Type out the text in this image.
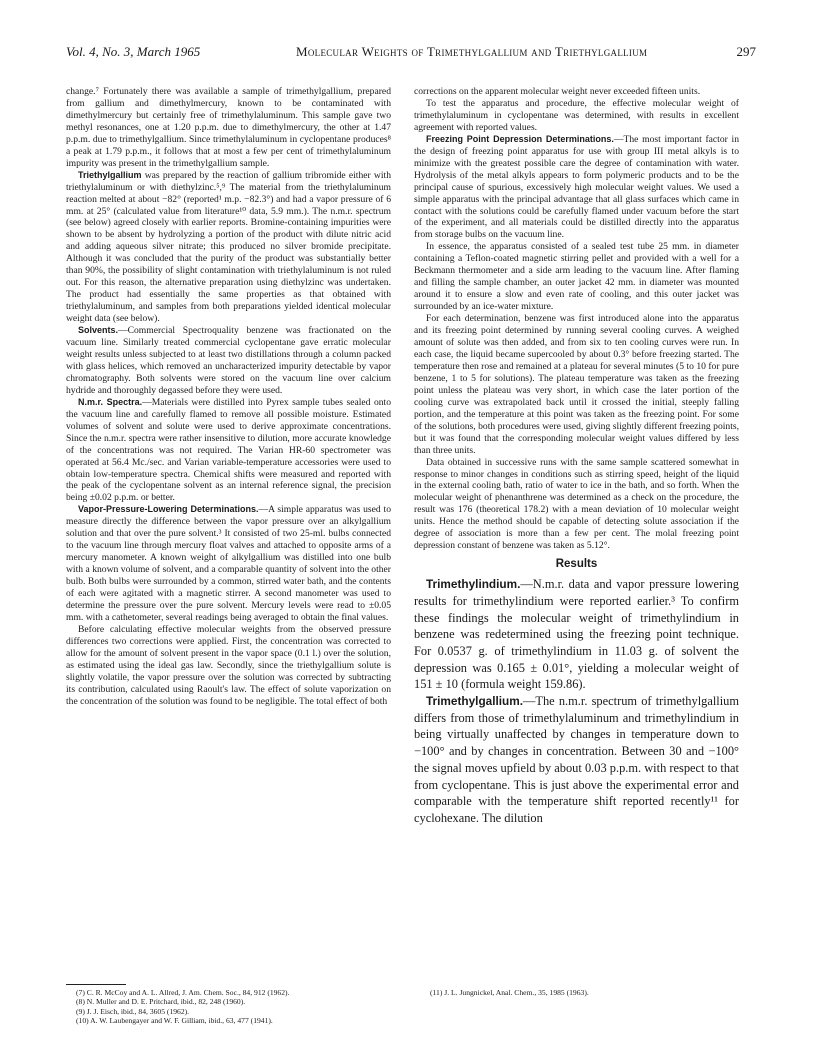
Vol. 4, No. 3, March 1965	Molecular Weights of Trimethylgallium and Triethylgallium	297

change.⁷ Fortunately there was available a sample of trimethylgallium, prepared from gallium and dimethylmercury, known to be contaminated with dimethylmercury but certainly free of trimethylaluminum. This sample gave two methyl resonances, one at 1.20 p.p.m. due to dimethylmercury, the other at 1.47 p.p.m. due to trimethylgallium. Since trimethylaluminum in cyclopentane produces⁸ a peak at 1.79 p.p.m., it follows that at most a few per cent of trimethylaluminum impurity was present in the trimethylgallium sample.

Triethylgallium was prepared by the reaction of gallium tribromide either with triethylaluminum or with diethylzinc.⁵,⁹ The material from the triethylaluminum reaction melted at about −82° (reported¹ m.p. −82.3°) and had a vapor pressure of 6 mm. at 25° (calculated value from literature¹⁰ data, 5.9 mm.). The n.m.r. spectrum (see below) agreed closely with earlier reports. Bromine-containing impurities were shown to be absent by hydrolyzing a portion of the product with dilute nitric acid and adding aqueous silver nitrate; this produced no silver bromide precipitate. Although it was concluded that the purity of the product was substantially better than 90%, the possibility of slight contamination with triethylaluminum is not ruled out. For this reason, the alternative preparation using diethylzinc was undertaken. The product had essentially the same properties as that obtained with triethylaluminum, and samples from both preparations yielded identical molecular weight data (see below).

Solvents.—Commercial Spectroquality benzene was fractionated on the vacuum line. Similarly treated commercial cyclopentane gave erratic molecular weight results unless subjected to at least two distillations through a column packed with glass helices, which removed an uncharacterized impurity detectable by vapor chromatography. Both solvents were stored on the vacuum line over calcium hydride and thoroughly degassed before they were used.

N.m.r. Spectra.—Materials were distilled into Pyrex sample tubes sealed onto the vacuum line and carefully flamed to remove all possible moisture. Estimated volumes of solvent and solute were used to derive approximate concentrations. Since the n.m.r. spectra were rather insensitive to dilution, more accurate knowledge of the concentrations was not required. The Varian HR-60 spectrometer was operated at 56.4 Mc./sec. and Varian variable-temperature accessories were used to obtain low-temperature spectra. Chemical shifts were measured and reported with the peak of the cyclopentane solvent as an internal reference signal, the precision being ±0.02 p.p.m. or better.

Vapor-Pressure-Lowering Determinations.—A simple apparatus was used to measure directly the difference between the vapor pressure over an alkylgallium solution and that over the pure solvent.³ It consisted of two 25-ml. bulbs connected to the vacuum line through mercury float valves and attached to opposite arms of a mercury manometer. A known weight of alkylgallium was distilled into one bulb with a known volume of solvent, and a comparable quantity of solvent into the other bulb. Both bulbs were surrounded by a common, stirred water bath, and the contents of each were agitated with a magnetic stirrer. A second manometer was used to determine the pressure over the pure solvent. Mercury levels were read to ±0.05 mm. with a cathetometer, several readings being averaged to obtain the final values.

Before calculating effective molecular weights from the observed pressure differences two corrections were applied. First, the concentration was corrected to allow for the amount of solvent present in the vapor space (0.1 l.) over the solution, as estimated using the ideal gas law. Secondly, since the triethylgallium solute is slightly volatile, the vapor pressure over the solution was corrected by subtracting its contribution, calculated using Raoult's law. The effect of solute vaporization on the concentration of the solution was found to be negligible. The total effect of both

corrections on the apparent molecular weight never exceeded fifteen units.

To test the apparatus and procedure, the effective molecular weight of trimethylaluminum in cyclopentane was determined, with results in excellent agreement with reported values.

Freezing Point Depression Determinations.—The most important factor in the design of freezing point apparatus for use with group III metal alkyls is to minimize with the greatest possible care the degree of contamination with water. Hydrolysis of the metal alkyls appears to form polymeric products and to be the principal cause of spurious, excessively high molecular weight values. We used a simple apparatus with the principal advantage that all glass surfaces which came in contact with the solutions could be carefully flamed under vacuum before the start of the experiment, and all materials could be distilled directly into the apparatus from storage bulbs on the vacuum line.

In essence, the apparatus consisted of a sealed test tube 25 mm. in diameter containing a Teflon-coated magnetic stirring pellet and provided with a well for a Beckmann thermometer and a side arm leading to the vacuum line. After flaming and filling the sample chamber, an outer jacket 42 mm. in diameter was mounted around it to ensure a slow and even rate of cooling, and this outer jacket was surrounded by an ice-water mixture.

For each determination, benzene was first introduced alone into the apparatus and its freezing point determined by running several cooling curves. A weighed amount of solute was then added, and from six to ten cooling curves were run. In each case, the liquid became supercooled by about 0.3° before freezing started. The temperature then rose and remained at a plateau for several minutes (5 to 10 for pure benzene, 1 to 5 for solutions). The plateau temperature was taken as the freezing point unless the plateau was very short, in which case the later portion of the cooling curve was extrapolated back until it crossed the initial, steeply falling portion, and the temperature at this point was taken as the freezing point. For some of the solutions, both procedures were used, giving slightly different freezing points, but it was found that the corresponding molecular weight values differed by less than three units.

Data obtained in successive runs with the same sample scattered somewhat in response to minor changes in conditions such as stirring speed, height of the liquid in the external cooling bath, ratio of water to ice in the bath, and so forth. When the molecular weight of phenanthrene was determined as a check on the procedure, the result was 176 (theoretical 178.2) with a mean deviation of 10 molecular weight units. Hence the method should be capable of detecting solute association if the degree of association is more than a few per cent. The molal freezing point depression constant of benzene was taken as 5.12°.

Results

Trimethylindium.—N.m.r. data and vapor pressure lowering results for trimethylindium were reported earlier.³ To confirm these findings the molecular weight of trimethylindium in benzene was redetermined using the freezing point technique. For 0.0537 g. of trimethylindium in 11.03 g. of solvent the depression was 0.165 ± 0.01°, yielding a molecular weight of 151 ± 10 (formula weight 159.86).

Trimethylgallium.—The n.m.r. spectrum of trimethylgallium differs from those of trimethylaluminum and trimethylindium in being virtually unaffected by changes in temperature down to −100° and by changes in concentration. Between 30 and −100° the signal moves upfield by about 0.03 p.p.m. with respect to that from cyclopentane. This is just above the experimental error and comparable with the temperature shift reported recently¹¹ for cyclohexane. The dilution

(7) C. R. McCoy and A. L. Allred, J. Am. Chem. Soc., 84, 912 (1962).
(8) N. Muller and D. E. Pritchard, ibid., 82, 248 (1960).
(9) J. J. Eisch, ibid., 84, 3605 (1962).
(10) A. W. Laubengayer and W. F. Gilliam, ibid., 63, 477 (1941).
(11) J. L. Jungnickel, Anal. Chem., 35, 1985 (1963).
